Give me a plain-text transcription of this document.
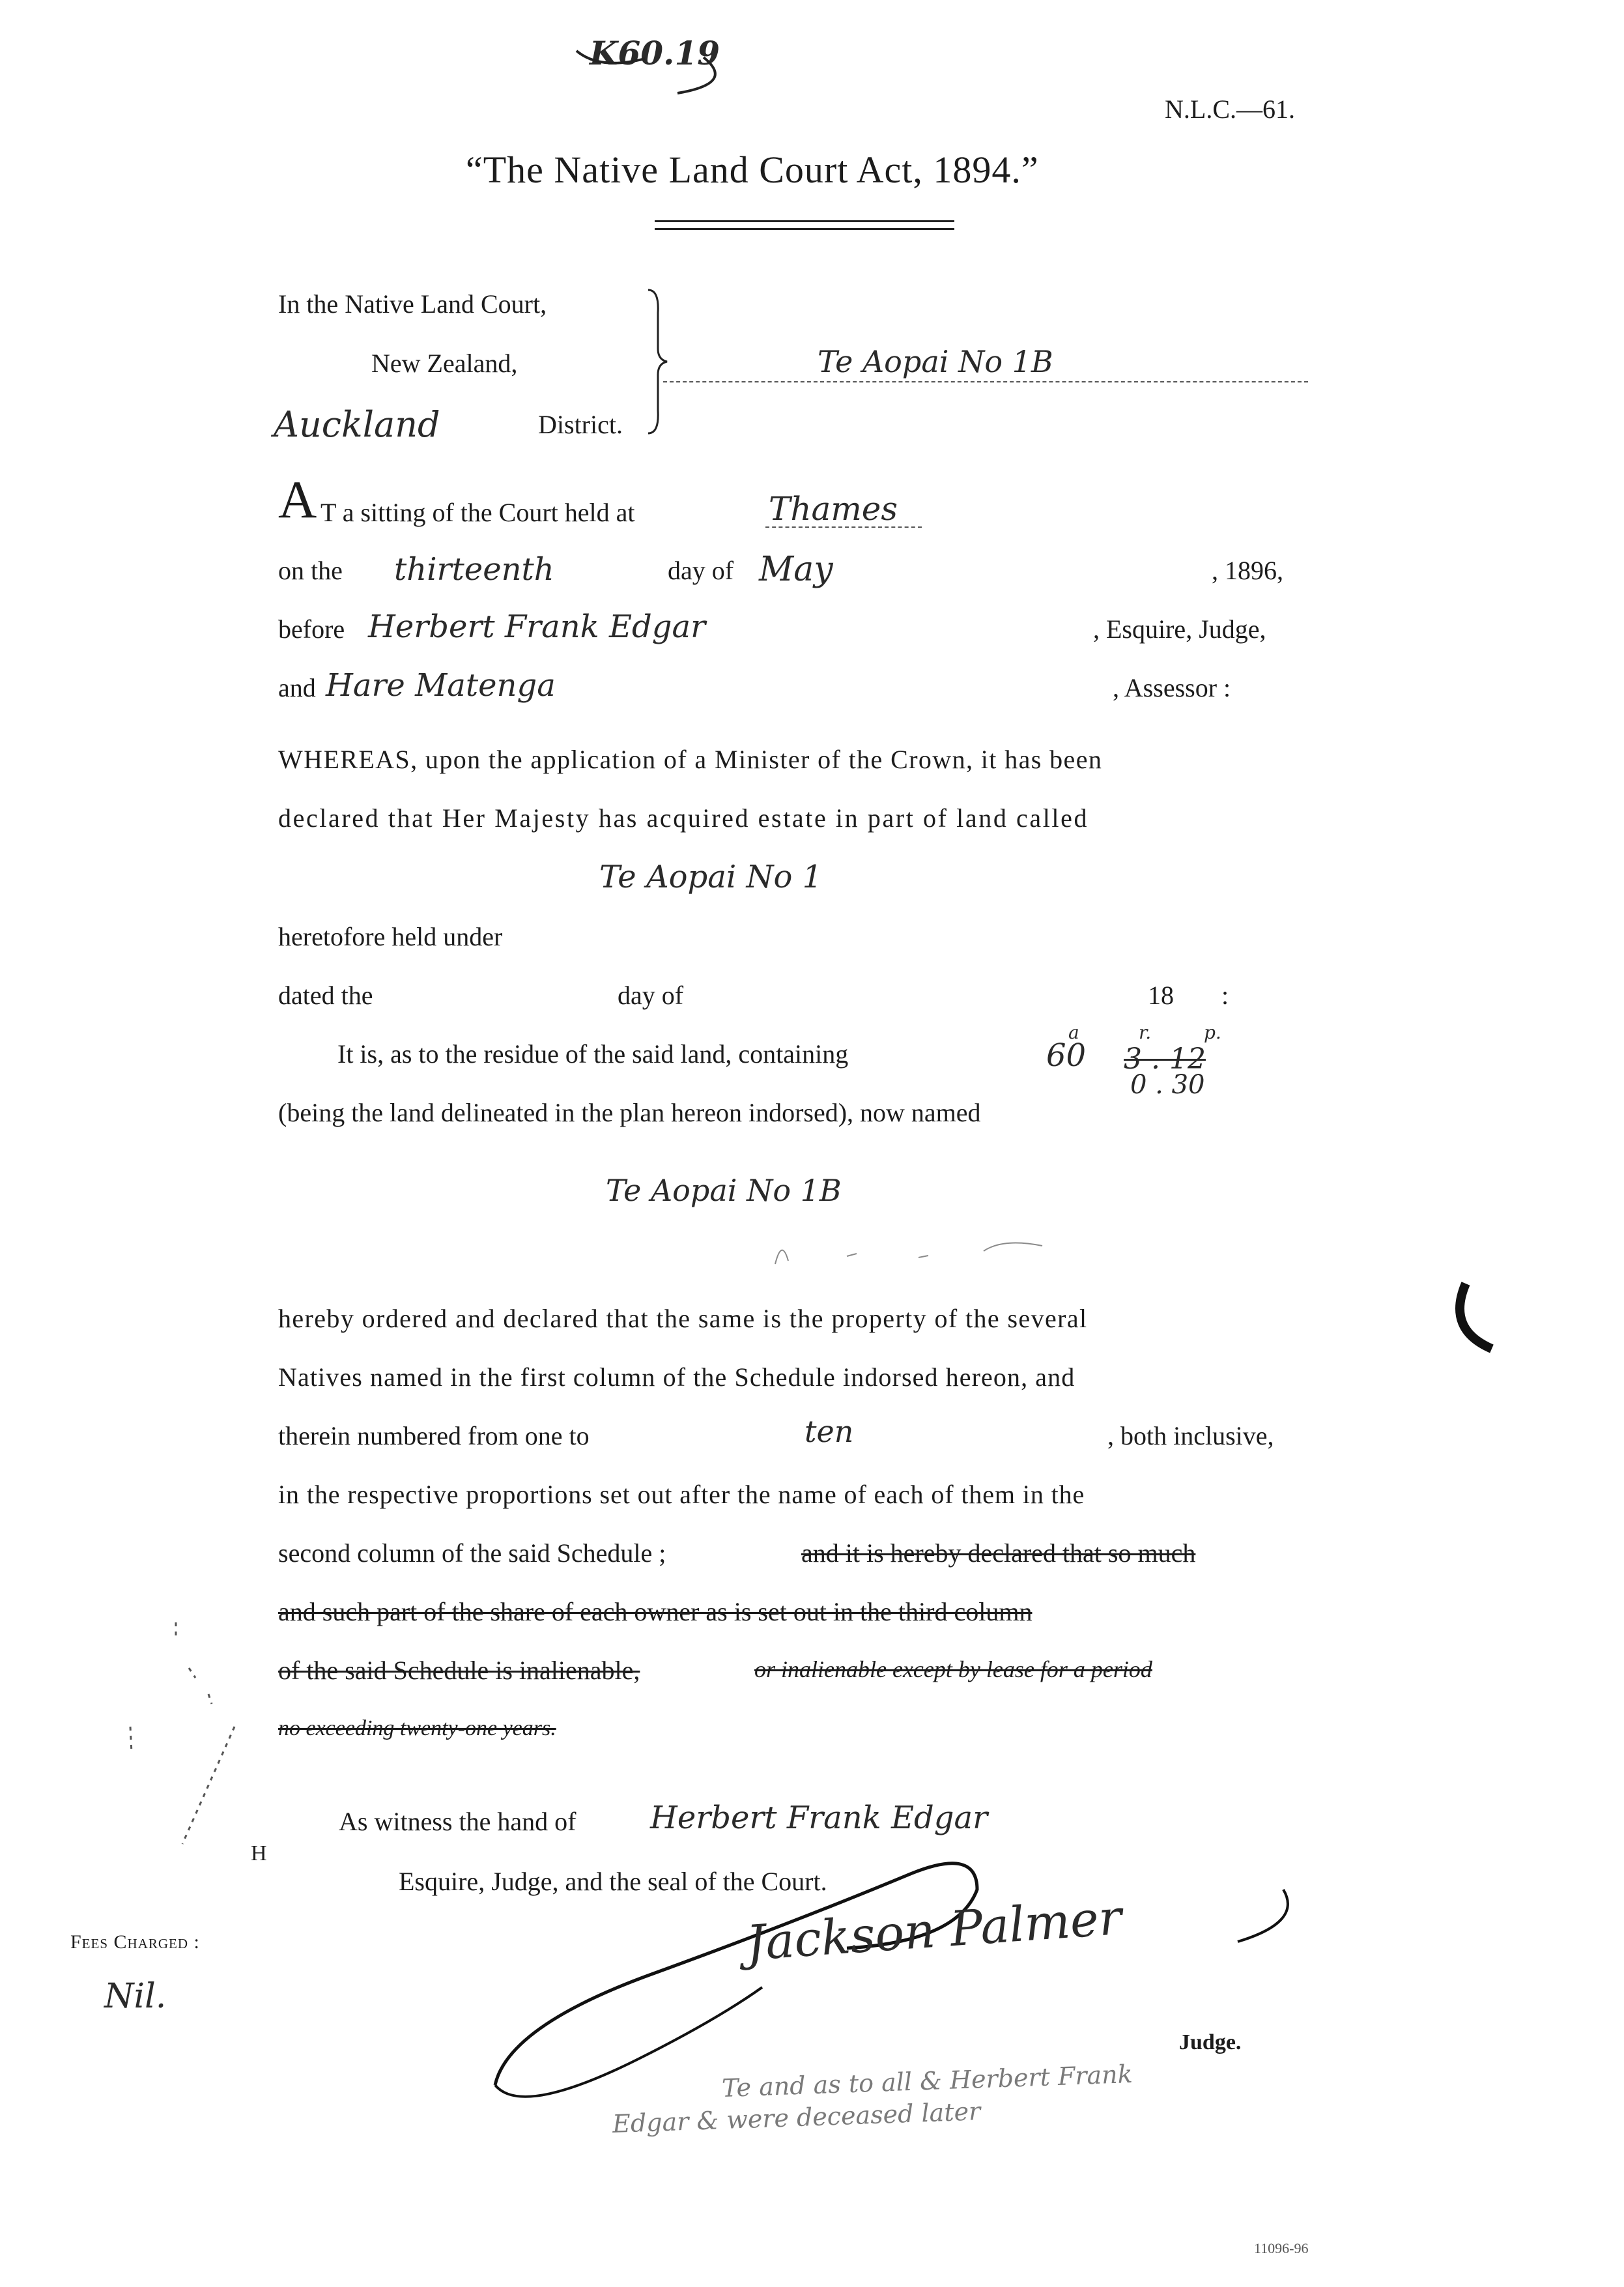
K60.19
N.L.C.—61.
“The Native Land Court Act, 1894.”
In the Native Land Court,
New Zealand,
Auckland	District.
Te Aopai No 1B
A T a sitting of the Court held at	Thames
on the thirteenth	day of May	, 1896,
before Herbert Frank Edgar	, Esquire, Judge,
and Hare Matenga	, Assessor :
WHEREAS, upon the application of a Minister of the Crown, it has been
declared that Her Majesty has acquired estate in part of land called
Te Aopai No 1
heretofore held under
dated the	day of	18 :
It is, as to the residue of the said land, containing
a	r.	p.
60 3 . 12
0 . 30
(being the land delineated in the plan hereon indorsed), now named
Te Aopai No 1B
hereby ordered and declared that the same is the property of the several
Natives named in the first column of the Schedule indorsed hereon, and
therein numbered from one to	ten	, both inclusive,
in the respective proportions set out after the name of each of them in the
second column of the said Schedule ;	and it is hereby declared that so much
and such part of the share of each owner as is set out in the third column
of the said Schedule is inalienable,	or inalienable except by lease for a period
no exceeding twenty-one years.
As witness the hand of Herbert Frank Edgar
Esquire, Judge, and the seal of the Court.
Fees Charged :
Nil.
Jackson Palmer
Judge.
Te and as to all & Herbert Frank
Edgar & were deceased later
H
11096-96
